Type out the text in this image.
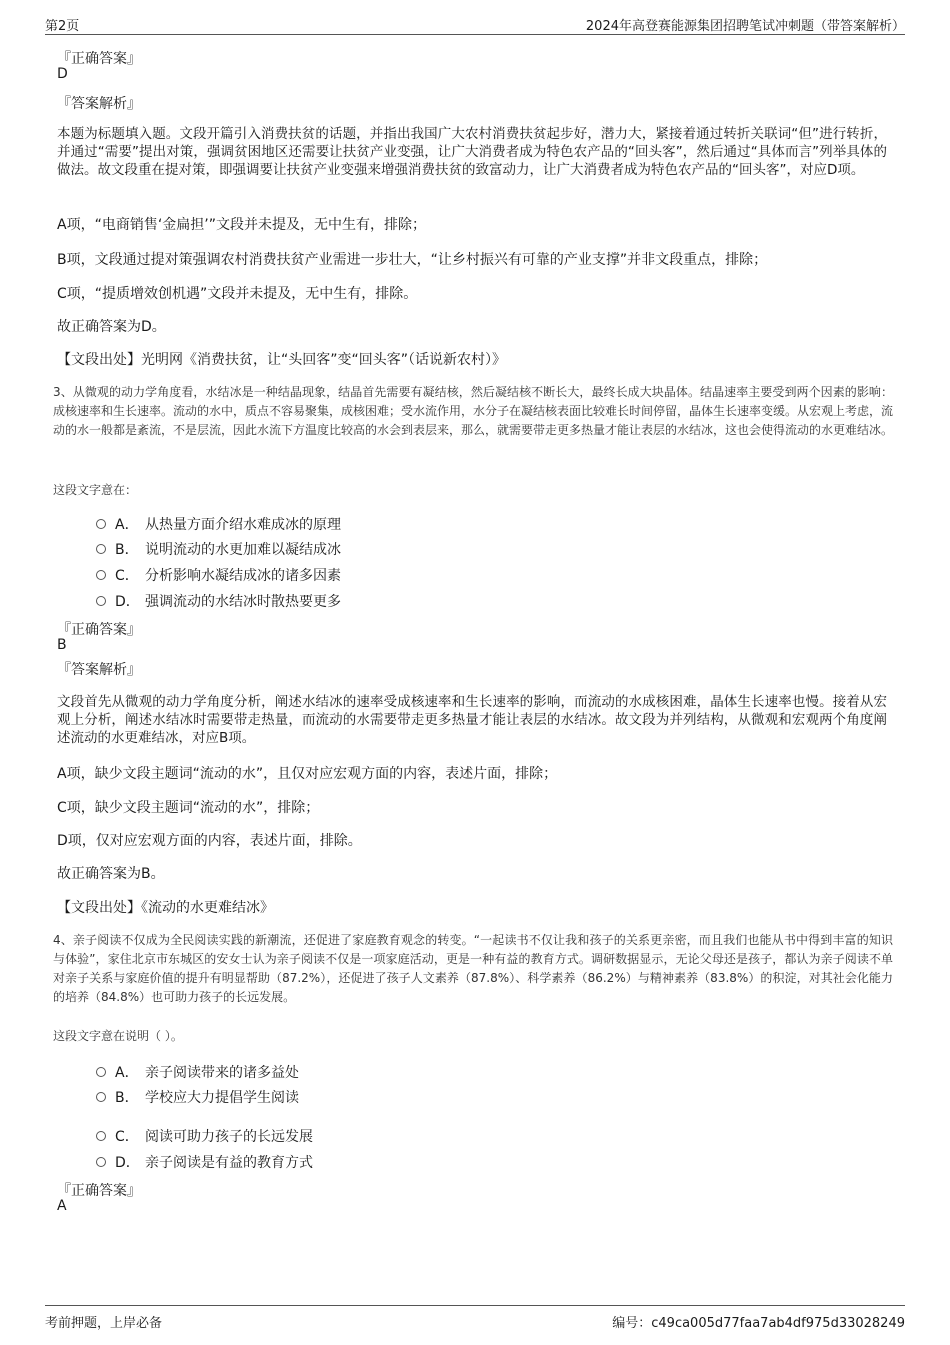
第2页	2024年高登赛能源集团招聘笔试冲刺题（带答案解析）
『正确答案』
D
『答案解析』
本题为标题填入题。文段开篇引入消费扶贫的话题，并指出我国广大农村消费扶贫起步好，潜力大，紧接着通过转折关联词“但”进行转折，并通过“需要”提出对策，强调贫困地区还需要让扶贫产业变强，让广大消费者成为特色农产品的“回头客”，然后通过“具体而言”列举具体的做法。故文段重在提对策，即强调要让扶贫产业变强来增强消费扶贫的致富动力，让广大消费者成为特色农产品的“回头客”，对应D项。
A项，“电商销售‘金扁担’”文段并未提及，无中生有，排除；
B项，文段通过提对策强调农村消费扶贫产业需进一步壮大，“让乡村振兴有可靠的产业支撑”并非文段重点，排除；
C项，“提质增效创机遇”文段并未提及，无中生有，排除。
故正确答案为D。
【文段出处】光明网《消费扶贫，让“头回客”变“回头客”（话说新农村）》
3、从微观的动力学角度看，水结冰是一种结晶现象，结晶首先需要有凝结核，然后凝结核不断长大，最终长成大块晶体。结晶速率主要受到两个因素的影响：成核速率和生长速率。流动的水中，质点不容易聚集，成核困难；受水流作用，水分子在凝结核表面比较难长时间停留，晶体生长速率变缓。从宏观上考虑，流动的水一般都是紊流，不是层流，因此水流下方温度比较高的水会到表层来，那么，就需要带走更多热量才能让表层的水结冰，这也会使得流动的水更难结冰。
这段文字意在：
A． 从热量方面介绍水难成冰的原理
B． 说明流动的水更加难以凝结成冰
C． 分析影响水凝结成冰的诸多因素
D． 强调流动的水结冰时散热要更多
『正确答案』
B
『答案解析』
文段首先从微观的动力学角度分析，阐述水结冰的速率受成核速率和生长速率的影响，而流动的水成核困难，晶体生长速率也慢。接着从宏观上分析，阐述水结冰时需要带走热量，而流动的水需要带走更多热量才能让表层的水结冰。故文段为并列结构，从微观和宏观两个角度阐述流动的水更难结冰，对应B项。
A项，缺少文段主题词“流动的水”，且仅对应宏观方面的内容，表述片面，排除；
C项，缺少文段主题词“流动的水”，排除；
D项，仅对应宏观方面的内容，表述片面，排除。
故正确答案为B。
【文段出处】《流动的水更难结冰》
4、亲子阅读不仅成为全民阅读实践的新潮流，还促进了家庭教育观念的转变。“一起读书不仅让我和孩子的关系更亲密，而且我们也能从书中得到丰富的知识与体验”，家住北京市东城区的安女士认为亲子阅读不仅是一项家庭活动，更是一种有益的教育方式。调研数据显示，无论父母还是孩子，都认为亲子阅读不单对亲子关系与家庭价值的提升有明显帮助（87.2%），还促进了孩子人文素养（87.8%）、科学素养（86.2%）与精神素养（83.8%）的积淀，对其社会化能力的培养（84.8%）也可助力孩子的长远发展。
这段文字意在说明（ ）。
A． 亲子阅读带来的诸多益处
B． 学校应大力提倡学生阅读
C． 阅读可助力孩子的长远发展
D． 亲子阅读是有益的教育方式
『正确答案』
A
考前押题，上岸必备	编号：c49ca005d77faa7ab4df975d33028249
